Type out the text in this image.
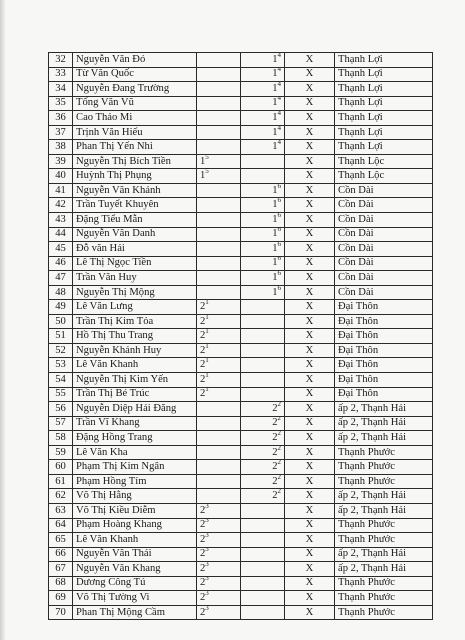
32	Nguyễn Văn Đó		$1^4$	X	Thạnh Lợi
33	Từ Văn Quốc		$1^4$	X	Thạnh Lợi
34	Nguyễn Đang Trường		$1^4$	X	Thạnh Lợi
35	Tống Văn Vũ		$1^4$	X	Thạnh Lợi
36	Cao Thảo Mi		$1^4$	X	Thạnh Lợi
37	Trịnh Văn Hiếu		$1^4$	X	Thạnh Lợi
38	Phan Thị Yến Nhi		$1^4$	X	Thạnh Lợi
39	Nguyễn Thị Bích Tiền	$1^5$		X	Thạnh Lộc
40	Huỳnh Thị Phụng	$1^5$		X	Thạnh Lộc
41	Nguyễn Văn Khánh		$1^6$	X	Cồn Dài
42	Trần Tuyết Khuyên		$1^6$	X	Cồn Dài
43	Đặng Tiểu Mẫn		$1^6$	X	Cồn Dài
44	Nguyễn Văn Danh		$1^6$	X	Cồn Dài
45	Đỗ văn Hải		$1^6$	X	Cồn Dài
46	Lê Thị Ngọc Tiền		$1^6$	X	Cồn Dài
47	Trần Văn Huy		$1^6$	X	Cồn Dài
48	Nguyễn Thị Mộng		$1^6$	X	Cồn Dài
49	Lê Văn Lưng	$2^1$		X	Đại Thôn
50	Trần Thị Kim Tỏa	$2^1$		X	Đại Thôn
51	Hồ Thị Thu Trang	$2^1$		X	Đại Thôn
52	Nguyễn Khánh Huy	$2^1$		X	Đại Thôn
53	Lê Văn Khanh	$2^1$		X	Đại Thôn
54	Nguyễn Thị Kim Yến	$2^1$		X	Đại Thôn
55	Trần Thị Bé Trúc	$2^1$		X	Đại Thôn
56	Nguyễn Diệp Hải Đăng		$2^2$	X	ấp 2, Thạnh Hải
57	Trần Vĩ Khang		$2^2$	X	ấp 2, Thạnh Hải
58	Đặng Hồng Trang		$2^2$	X	ấp 2, Thạnh Hải
59	Lê Văn Kha		$2^2$	X	Thạnh Phước
60	Phạm Thị Kim Ngân		$2^2$	X	Thạnh Phước
61	Phạm Hồng Tím		$2^2$	X	Thạnh Phước
62	Võ Thị Hằng		$2^2$	X	ấp 2, Thạnh Hải
63	Võ Thị Kiều Diễm	$2^3$		X	ấp 2, Thạnh Hải
64	Phạm Hoàng Khang	$2^3$		X	Thạnh Phước
65	Lê Văn Khanh	$2^3$		X	Thạnh Phước
66	Nguyễn Văn Thái	$2^3$		X	ấp 2, Thạnh Hải
67	Nguyễn Văn Khang	$2^3$		X	ấp 2, Thạnh Hải
68	Dương Công Tú	$2^3$		X	Thạnh Phước
69	Võ Thị Tường Vi	$2^3$		X	Thạnh Phước
70	Phan Thị Mộng Cầm	$2^3$		X	Thạnh Phước
